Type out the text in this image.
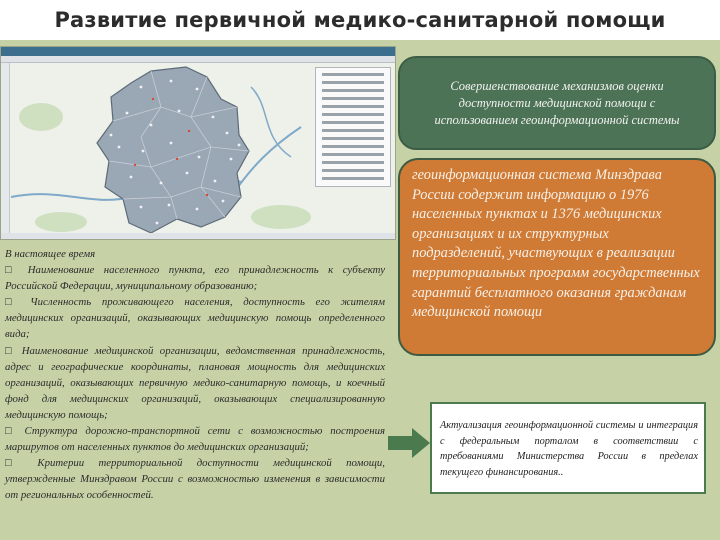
Развитие первичной медико-санитарной помощи

В настоящее время

□ Наименование населенного пункта, его принадлежность к субъекту Российской Федерации, муниципальному образованию;

□ Численность проживающего населения, доступность его жителям медицинских организаций, оказывающих медицинскую помощь определенного вида;

□ Наименование медицинской организации, ведомственная принадлежность, адрес и географические координаты, плановая мощность для медицинских организаций, оказывающих первичную медико-санитарную помощь, и коечный фонд для медицинских организаций, оказывающих специализированную медицинскую помощь;

□ Структура дорожно-транспортной сети с возможностью построения маршрутов от населенных пунктов до медицинских организаций;

□ Критерии территориальной доступности медицинской помощи, утвержденные Минздравом России с возможностью изменения в зависимости от региональных особенностей.

Совершенствование механизмов оценки доступности медицинской помощи с использованием геоинформационной системы
геоинформационная система Минздрава России содержит информацию о 1976 населенных пунктах и 1376 медицинских организациях и их структурных подразделений, участвующих в реализации территориальных программ государственных гарантий бесплатного оказания гражданам медицинской помощи
Актуализация геоинформационной системы и интеграция с федеральным порталом в соответствии с требованиями Министерства России в пределах текущего финансирования..
